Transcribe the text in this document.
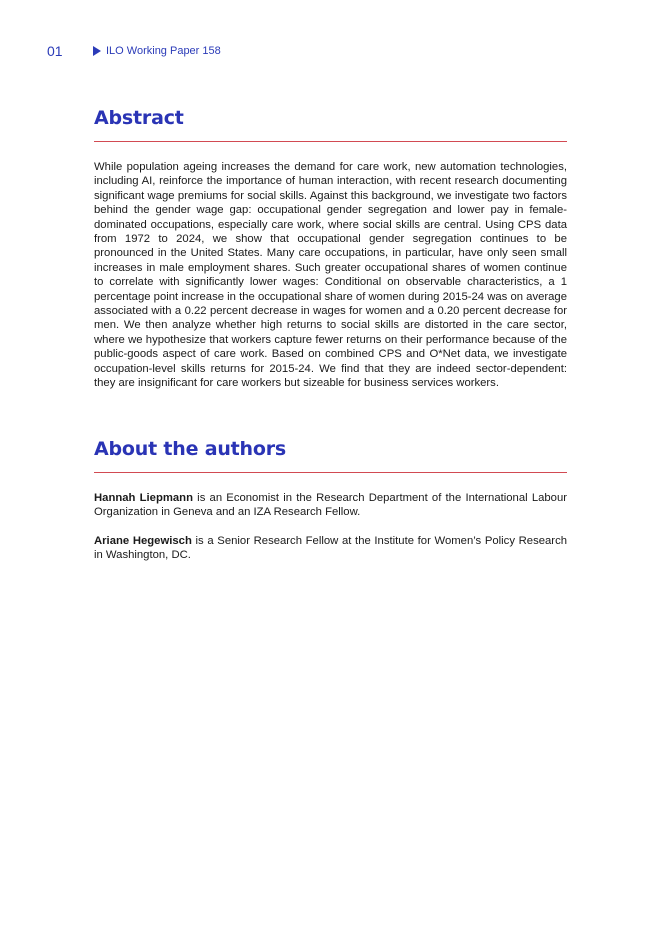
01	ILO Working Paper 158
Abstract

While population ageing increases the demand for care work, new automation technologies, including AI, reinforce the importance of human interaction, with recent research documenting significant wage premiums for social skills. Against this background, we investigate two factors behind the gender wage gap: occupational gender segregation and lower pay in female-dominated occupations, especially care work, where social skills are central. Using CPS data from 1972 to 2024, we show that occupational gender segregation continues to be pronounced in the United States. Many care occupations, in particular, have only seen small increases in male employment shares. Such greater occupational shares of women continue to correlate with significantly lower wages: Conditional on observable characteristics, a 1 percentage point increase in the occupational share of women during 2015-24 was on average associated with a 0.22 percent decrease in wages for women and a 0.20 percent decrease for men. We then analyze whether high returns to social skills are distorted in the care sector, where we hypothesize that workers capture fewer returns on their performance because of the public-goods aspect of care work. Based on combined CPS and O*Net data, we investigate occupation-level skills returns for 2015-24. We find that they are indeed sector-dependent: they are insignificant for care workers but sizeable for business services workers.

About the authors

Hannah Liepmann is an Economist in the Research Department of the International Labour Organization in Geneva and an IZA Research Fellow.

Ariane Hegewisch is a Senior Research Fellow at the Institute for Women’s Policy Research in Washington, DC.
